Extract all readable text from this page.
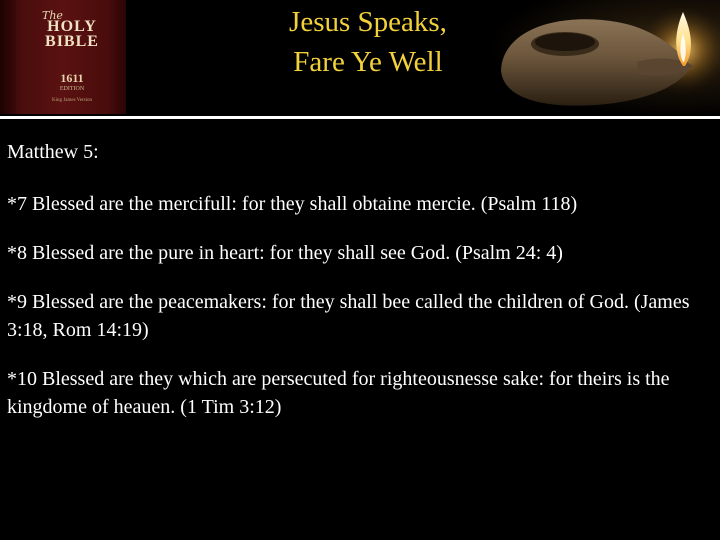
The
HOLY
BIBLE
1611
EDITION
King James Version
Jesus Speaks,
Fare Ye Well

Matthew 5:

*7 Blessed are the mercifull: for they shall obtaine mercie. (Psalm 118)

*8 Blessed are the pure in heart: for they shall see God. (Psalm 24: 4)

*9 Blessed are the peacemakers: for they shall bee called the children of God. (James 3:18, Rom 14:19)

*10 Blessed are they which are persecuted for righteousnesse sake: for theirs is the kingdome of heauen. (1 Tim 3:12)
